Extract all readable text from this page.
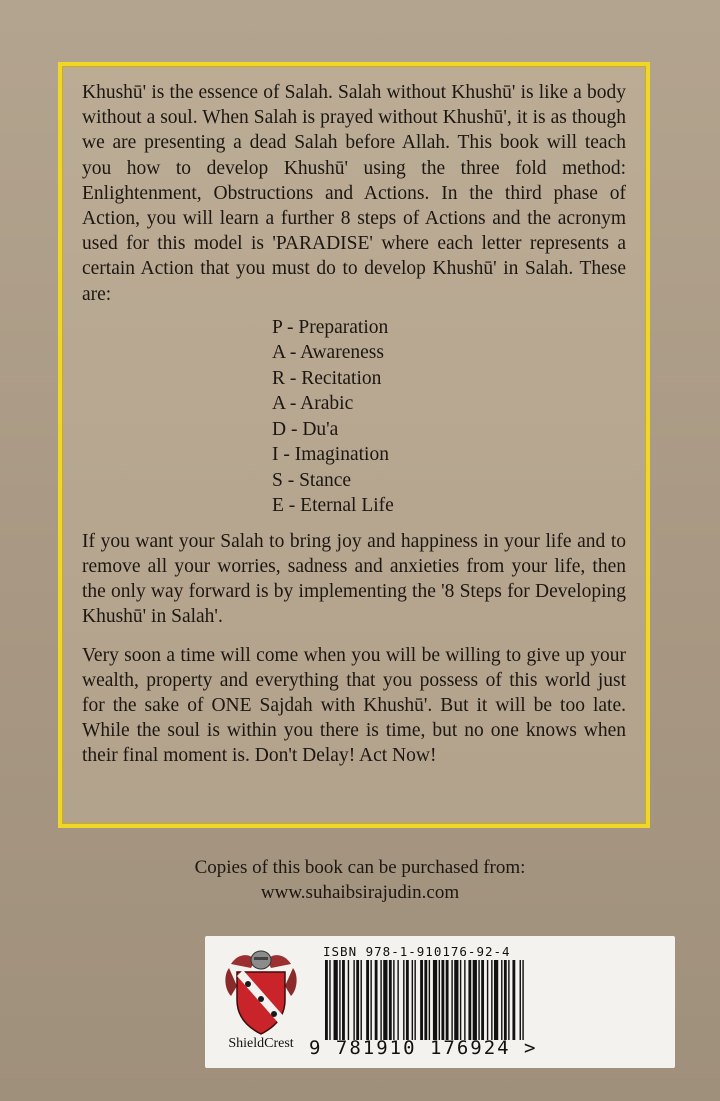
Khushū' is the essence of Salah. Salah without Khushū' is like a body without a soul. When Salah is prayed without Khushū', it is as though we are presenting a dead Salah before Allah. This book will teach you how to develop Khushū' using the three fold method: Enlightenment, Obstructions and Actions. In the third phase of Action, you will learn a further 8 steps of Actions and the acronym used for this model is 'PARADISE' where each letter represents a certain Action that you must do to develop Khushū' in Salah. These are:

P - Preparation
A - Awareness
R - Recitation
A - Arabic
D - Du'a
I - Imagination
S - Stance
E - Eternal Life

If you want your Salah to bring joy and happiness in your life and to remove all your worries, sadness and anxieties from your life, then the only way forward is by implementing the '8 Steps for Developing Khushū' in Salah'.

Very soon a time will come when you will be willing to give up your wealth, property and everything that you possess of this world just for the sake of ONE Sajdah with Khushū'. But it will be too late. While the soul is within you there is time, but no one knows when their final moment is. Don't Delay! Act Now!

Copies of this book can be purchased from:
www.suhaibsirajudin.com
ShieldCrest
ISBN 978-1-910176-92-4
9 781910 176924 >
